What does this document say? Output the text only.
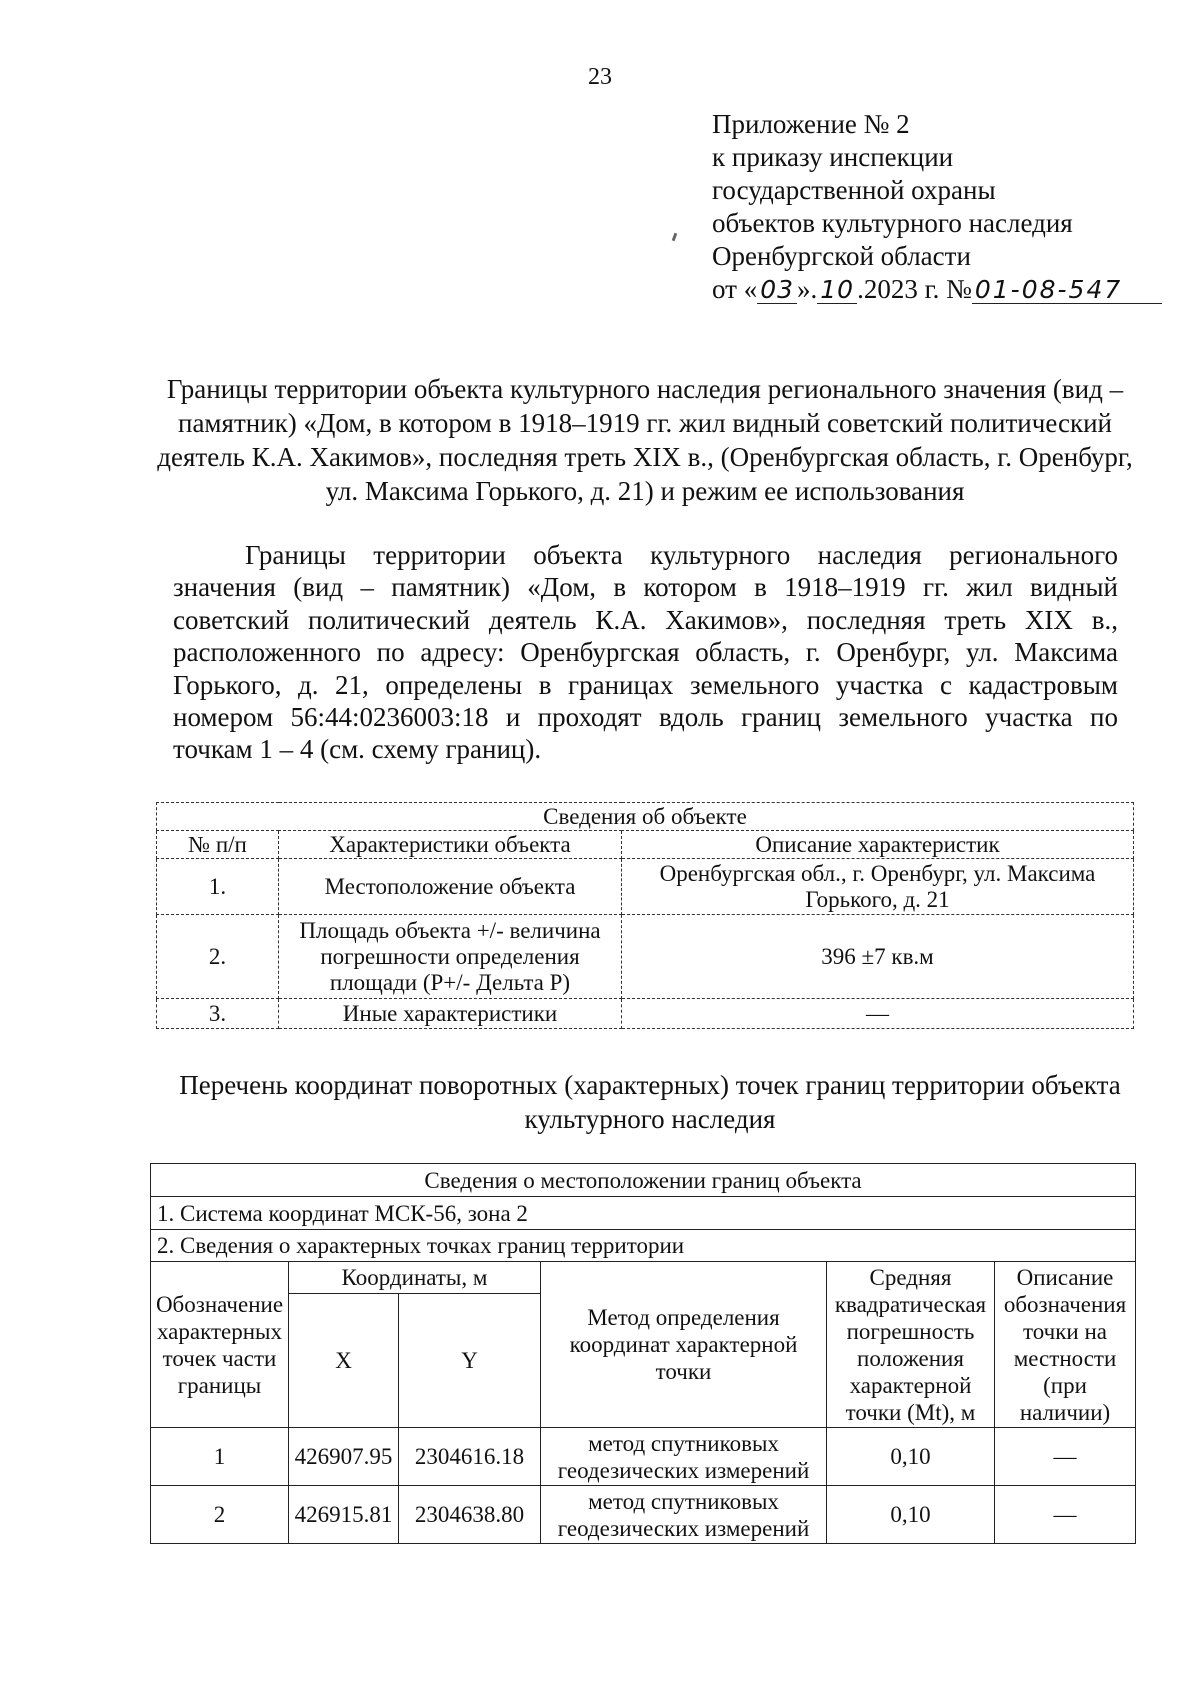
23
Приложение № 2
к приказу инспекции
государственной охраны
объектов культурного наследия
Оренбургской области
от « 03 ». 10 .2023 г. № 01-08-547
Границы территории объекта культурного наследия регионального значения (вид – памятник) «Дом, в котором в 1918–1919 гг. жил видный советский политический деятель К.А. Хакимов», последняя треть XIX в., (Оренбургская область, г. Оренбург, ул. Максима Горького, д. 21) и режим ее использования
Границы территории объекта культурного наследия регионального значения (вид – памятник) «Дом, в котором в 1918–1919 гг. жил видный советский политический деятель К.А. Хакимов», последняя треть XIX в., расположенного по адресу: Оренбургская область, г. Оренбург, ул. Максима Горького, д. 21, определены в границах земельного участка с кадастровым номером 56:44:0236003:18 и проходят вдоль границ земельного участка по точкам 1 – 4 (см. схему границ).
Сведения об объекте		
№ п/п	Характеристики объекта	Описание характеристик
1.	Местоположение объекта	Оренбургская обл., г. Оренбург, ул. Максима Горького, д. 21
2.	Площадь объекта +/- величина погрешности определения площади (Р+/- Дельта Р)	396 ±7 кв.м
3.	Иные характеристики	—
Перечень координат поворотных (характерных) точек границ территории объекта культурного наследия
Сведения о местоположении границ объекта					
1. Система координат МСК-56, зона 2					
2. Сведения о характерных точках границ территории					
Обозначение характерных точек части границы	Координаты, м		Метод определения координат характерной точки	Средняя квадратическая погрешность положения характерной точки (Mt), м	Описание обозначения точки на местности (при наличии)
	X	Y			
1	426907.95	2304616.18	метод спутниковых геодезических измерений	0,10	—
2	426915.81	2304638.80	метод спутниковых геодезических измерений	0,10	—
